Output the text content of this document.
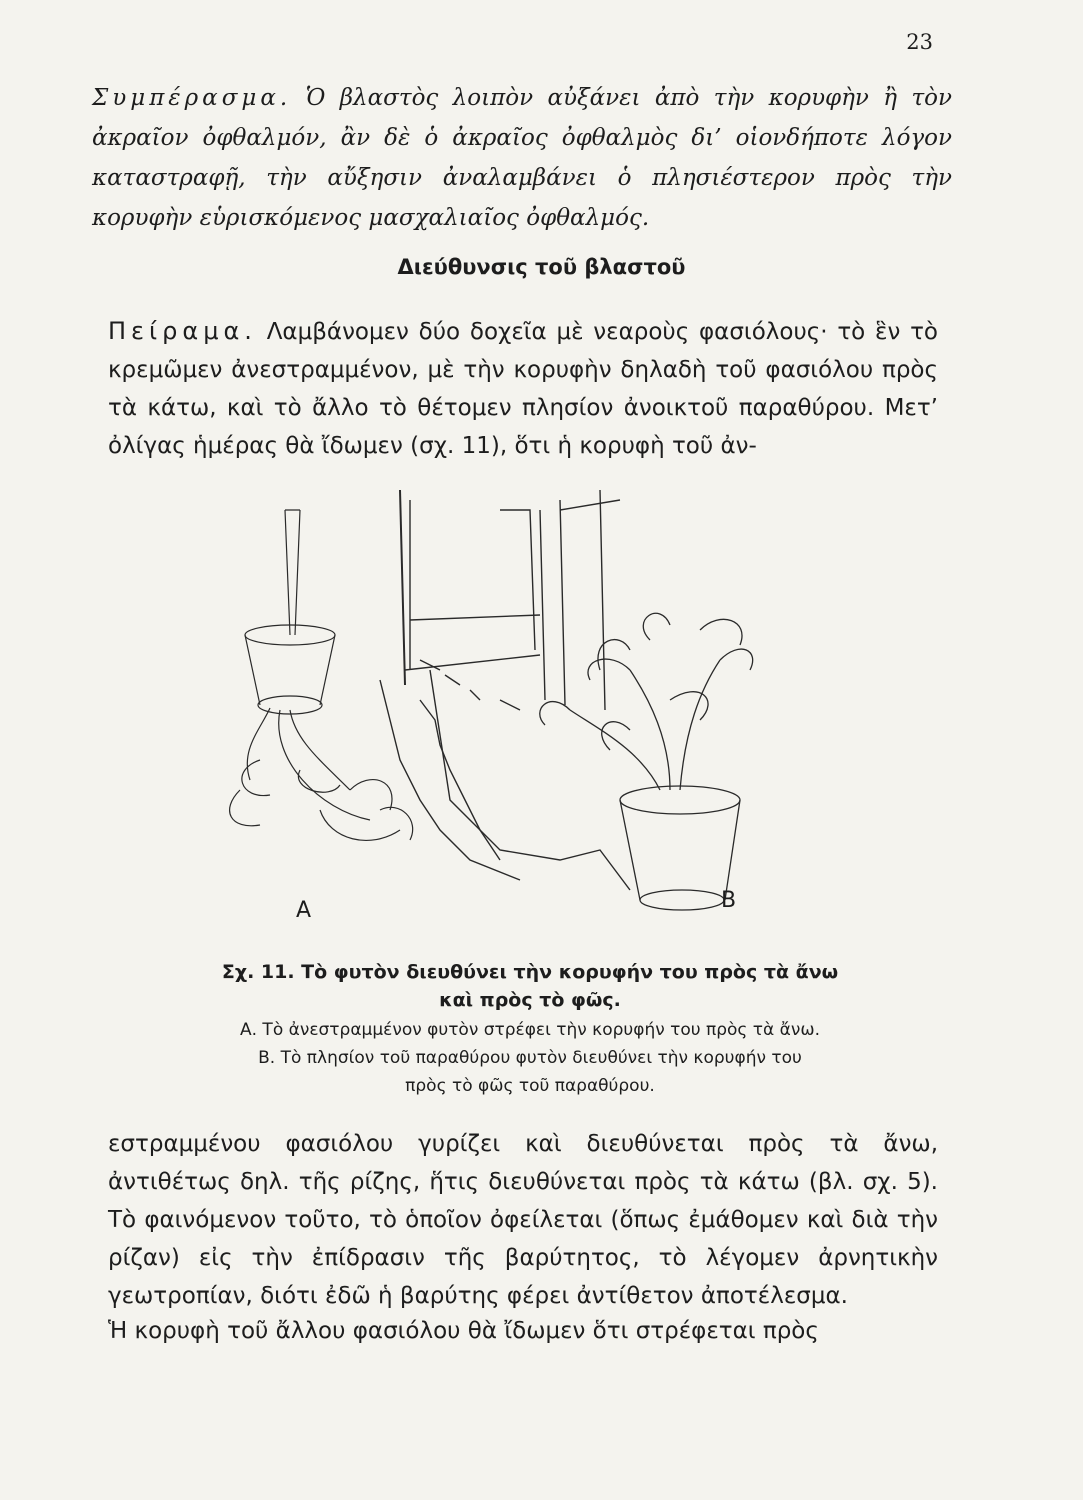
23
Συμπέρασμα. Ὁ βλαστὸς λοιπὸν αὐξάνει ἀπὸ τὴν κορυφὴν ἢ τὸν ἀκραῖον ὀφθαλμόν, ἂν δὲ ὁ ἀκραῖος ὀφθαλμὸς δι’ οἱονδήποτε λόγον καταστραφῇ, τὴν αὔξησιν ἀναλαμβάνει ὁ πλησιέστερον πρὸς τὴν κορυφὴν εὑρισκόμενος μασχαλιαῖος ὀφθαλμός.
Διεύθυνσις τοῦ βλαστοῦ
Πείραμα. Λαμβάνομεν δύο δοχεῖα μὲ νεαροὺς φασιόλους· τὸ ἓν τὸ κρεμῶμεν ἀνεστραμμένον, μὲ τὴν κορυφὴν δηλαδὴ τοῦ φασιόλου πρὸς τὰ κάτω, καὶ τὸ ἄλλο τὸ θέτομεν πλησίον ἀνοικτοῦ παραθύρου. Μετ’ ὀλίγας ἡμέρας θὰ ἴδωμεν (σχ. 11), ὅτι ἡ κορυφὴ τοῦ ἀν-
A	B
Σχ. 11. Τὸ φυτὸν διευθύνει τὴν κορυφήν του πρὸς τὰ ἄνω καὶ πρὸς τὸ φῶς.
Α. Τὸ ἀνεστραμμένον φυτὸν στρέφει τὴν κορυφήν του πρὸς τὰ ἄνω. Β. Τὸ πλησίον τοῦ παραθύρου φυτὸν διευθύνει τὴν κορυφήν του πρὸς τὸ φῶς τοῦ παραθύρου.
εστραμμένου φασιόλου γυρίζει καὶ διευθύνεται πρὸς τὰ ἄνω, ἀντιθέτως δηλ. τῆς ρίζης, ἥτις διευθύνεται πρὸς τὰ κάτω (βλ. σχ. 5). Τὸ φαινόμενον τοῦτο, τὸ ὁποῖον ὀφείλεται (ὅπως ἐμάθομεν καὶ διὰ τὴν ρίζαν) εἰς τὴν ἐπίδρασιν τῆς βαρύτητος, τὸ λέγομεν ἀρνητικὴν γεωτροπίαν, διότι ἐδῶ ἡ βαρύτης φέρει ἀντίθετον ἀποτέλεσμα.
Ἡ κορυφὴ τοῦ ἄλλου φασιόλου θὰ ἴδωμεν ὅτι στρέφεται πρὸς
